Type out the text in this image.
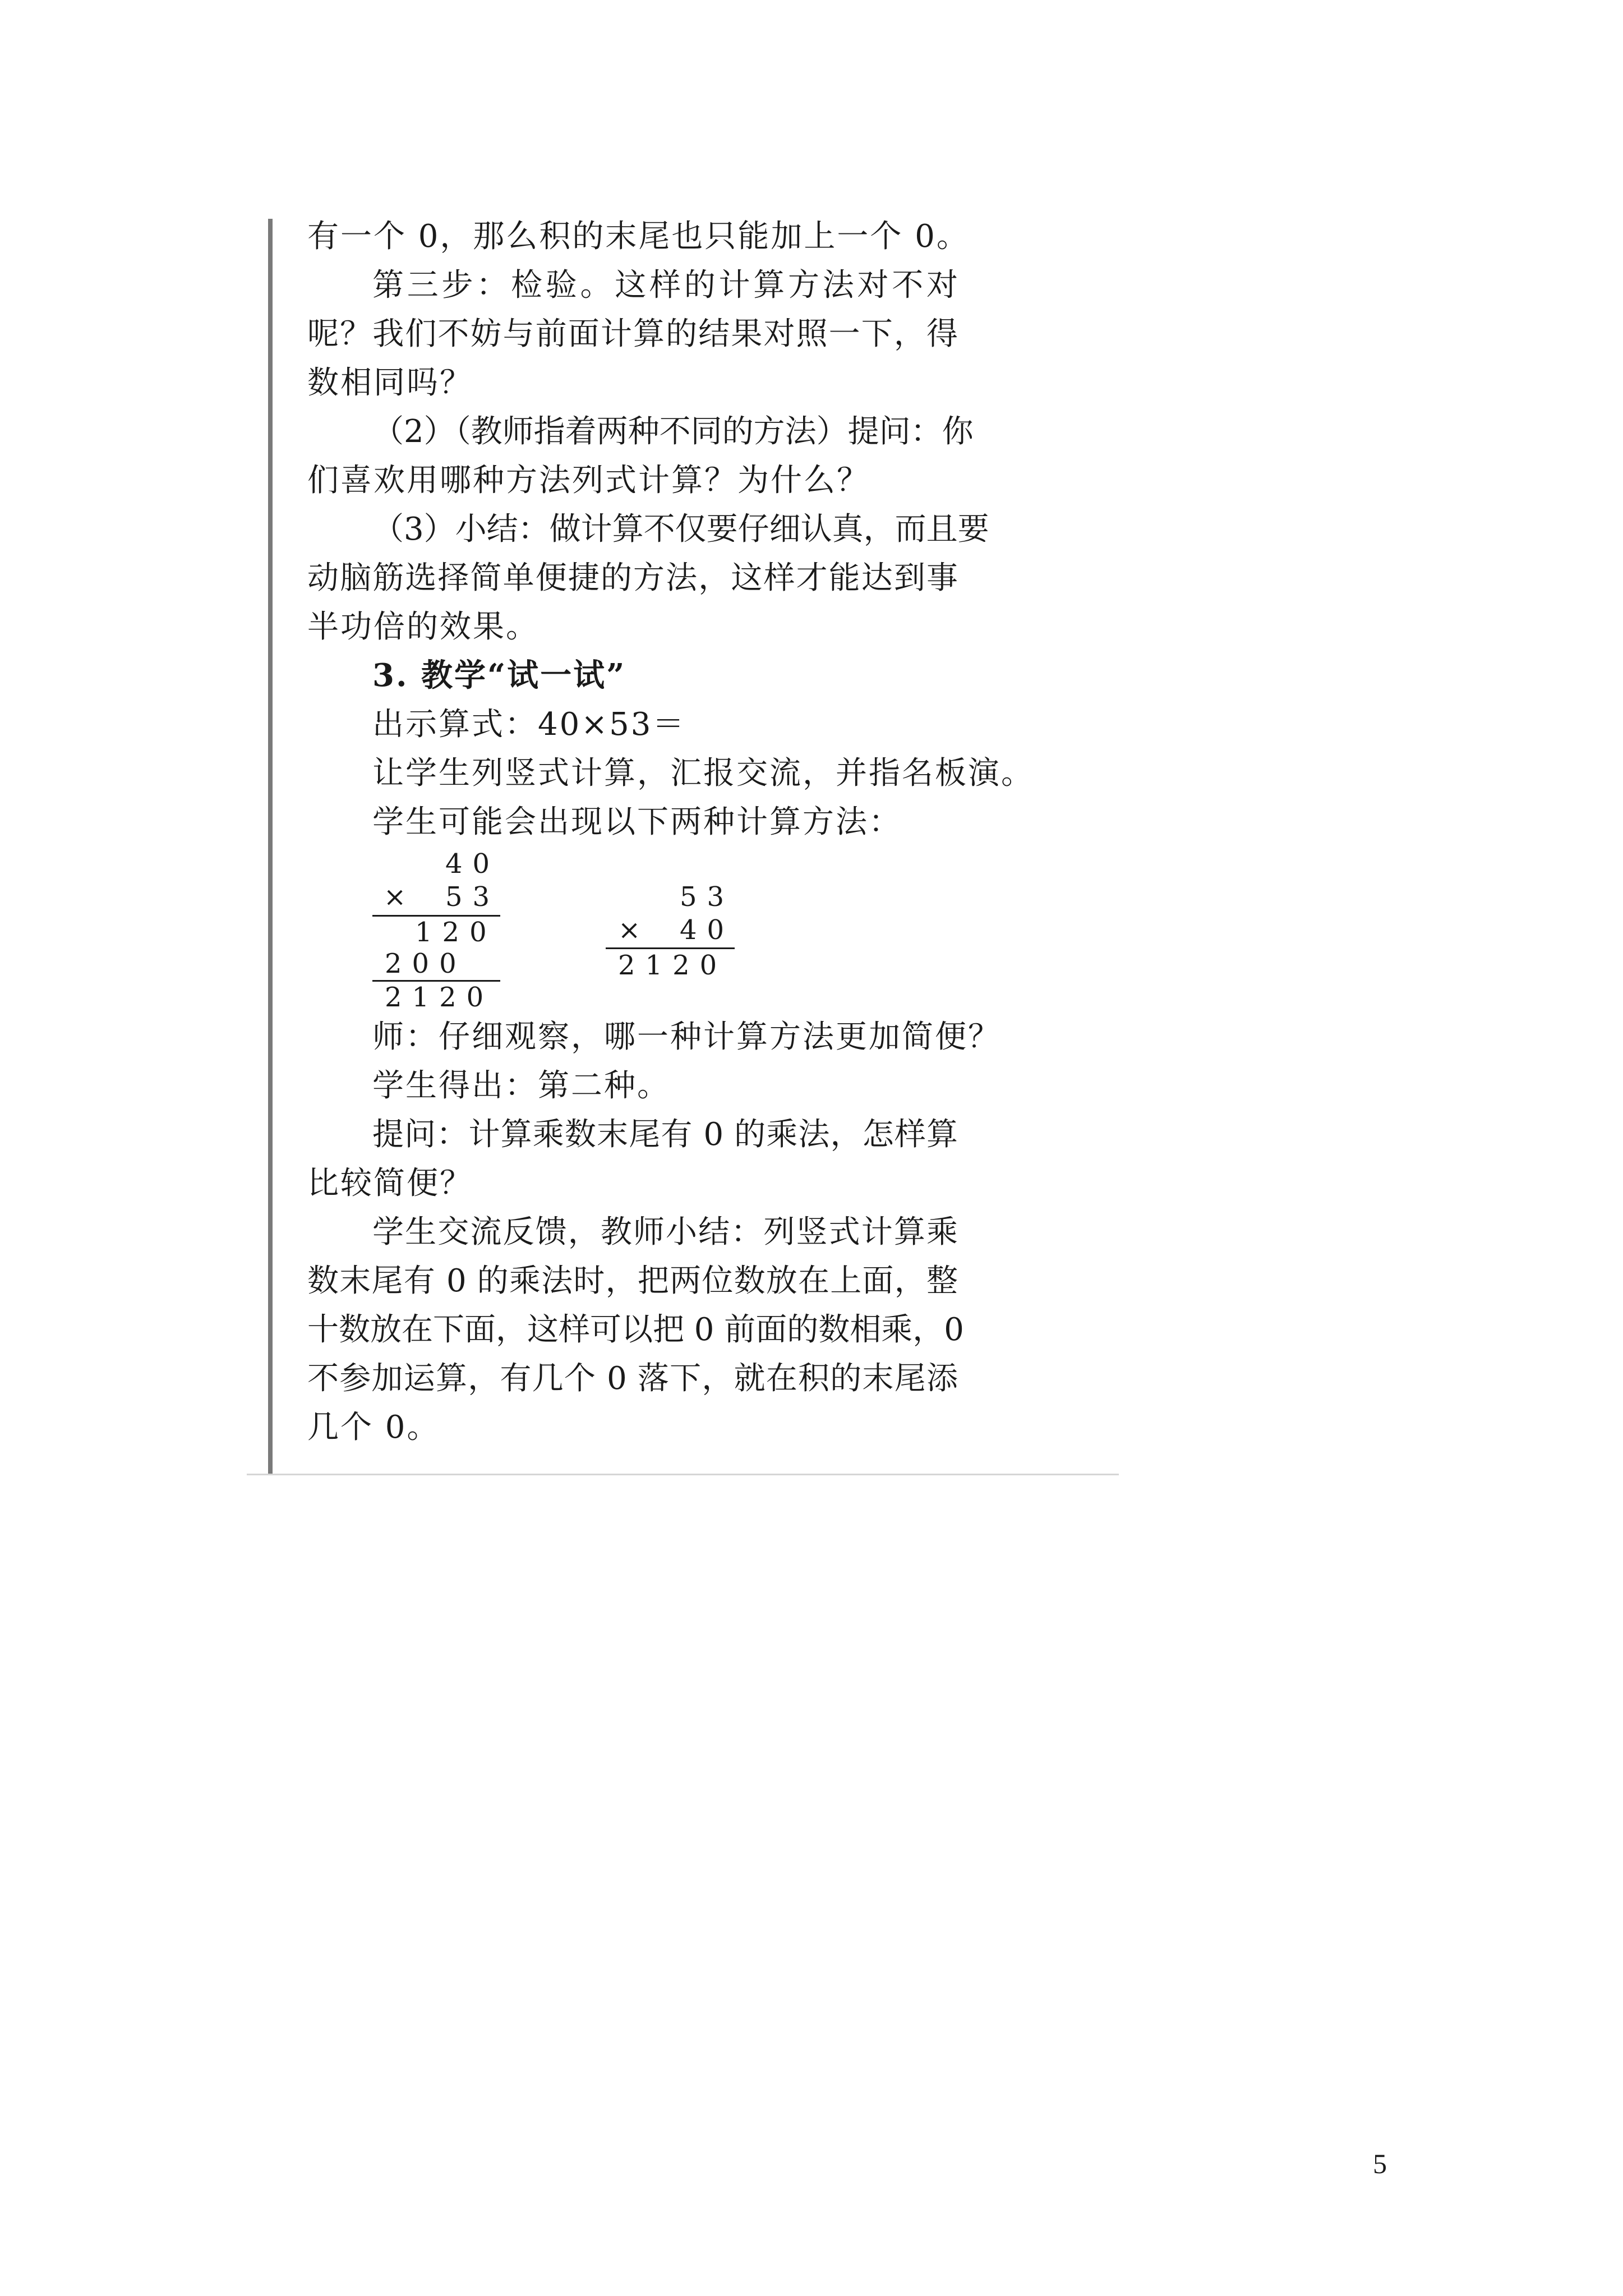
有一个 0，那么积的末尾也只能加上一个 0。
第三步：检验。这样的计算方法对不对
呢？我们不妨与前面计算的结果对照一下，得
数相同吗？
（2）（教师指着两种不同的方法）提问：你
们喜欢用哪种方法列式计算？为什么？
（3）小结：做计算不仅要仔细认真，而且要
动脑筋选择简单便捷的方法，这样才能达到事
半功倍的效果。
3. 教学“试一试”
出示算式：40×53＝
让学生列竖式计算，汇报交流，并指名板演。
学生可能会出现以下两种计算方法：
40
× 53
120
200
2120
53
× 40
2120
师：仔细观察，哪一种计算方法更加简便？
学生得出：第二种。
提问：计算乘数末尾有 0 的乘法，怎样算
比较简便？
学生交流反馈，教师小结：列竖式计算乘
数末尾有 0 的乘法时，把两位数放在上面，整
十数放在下面，这样可以把 0 前面的数相乘，0
不参加运算，有几个 0 落下，就在积的末尾添
几个 0。
5
